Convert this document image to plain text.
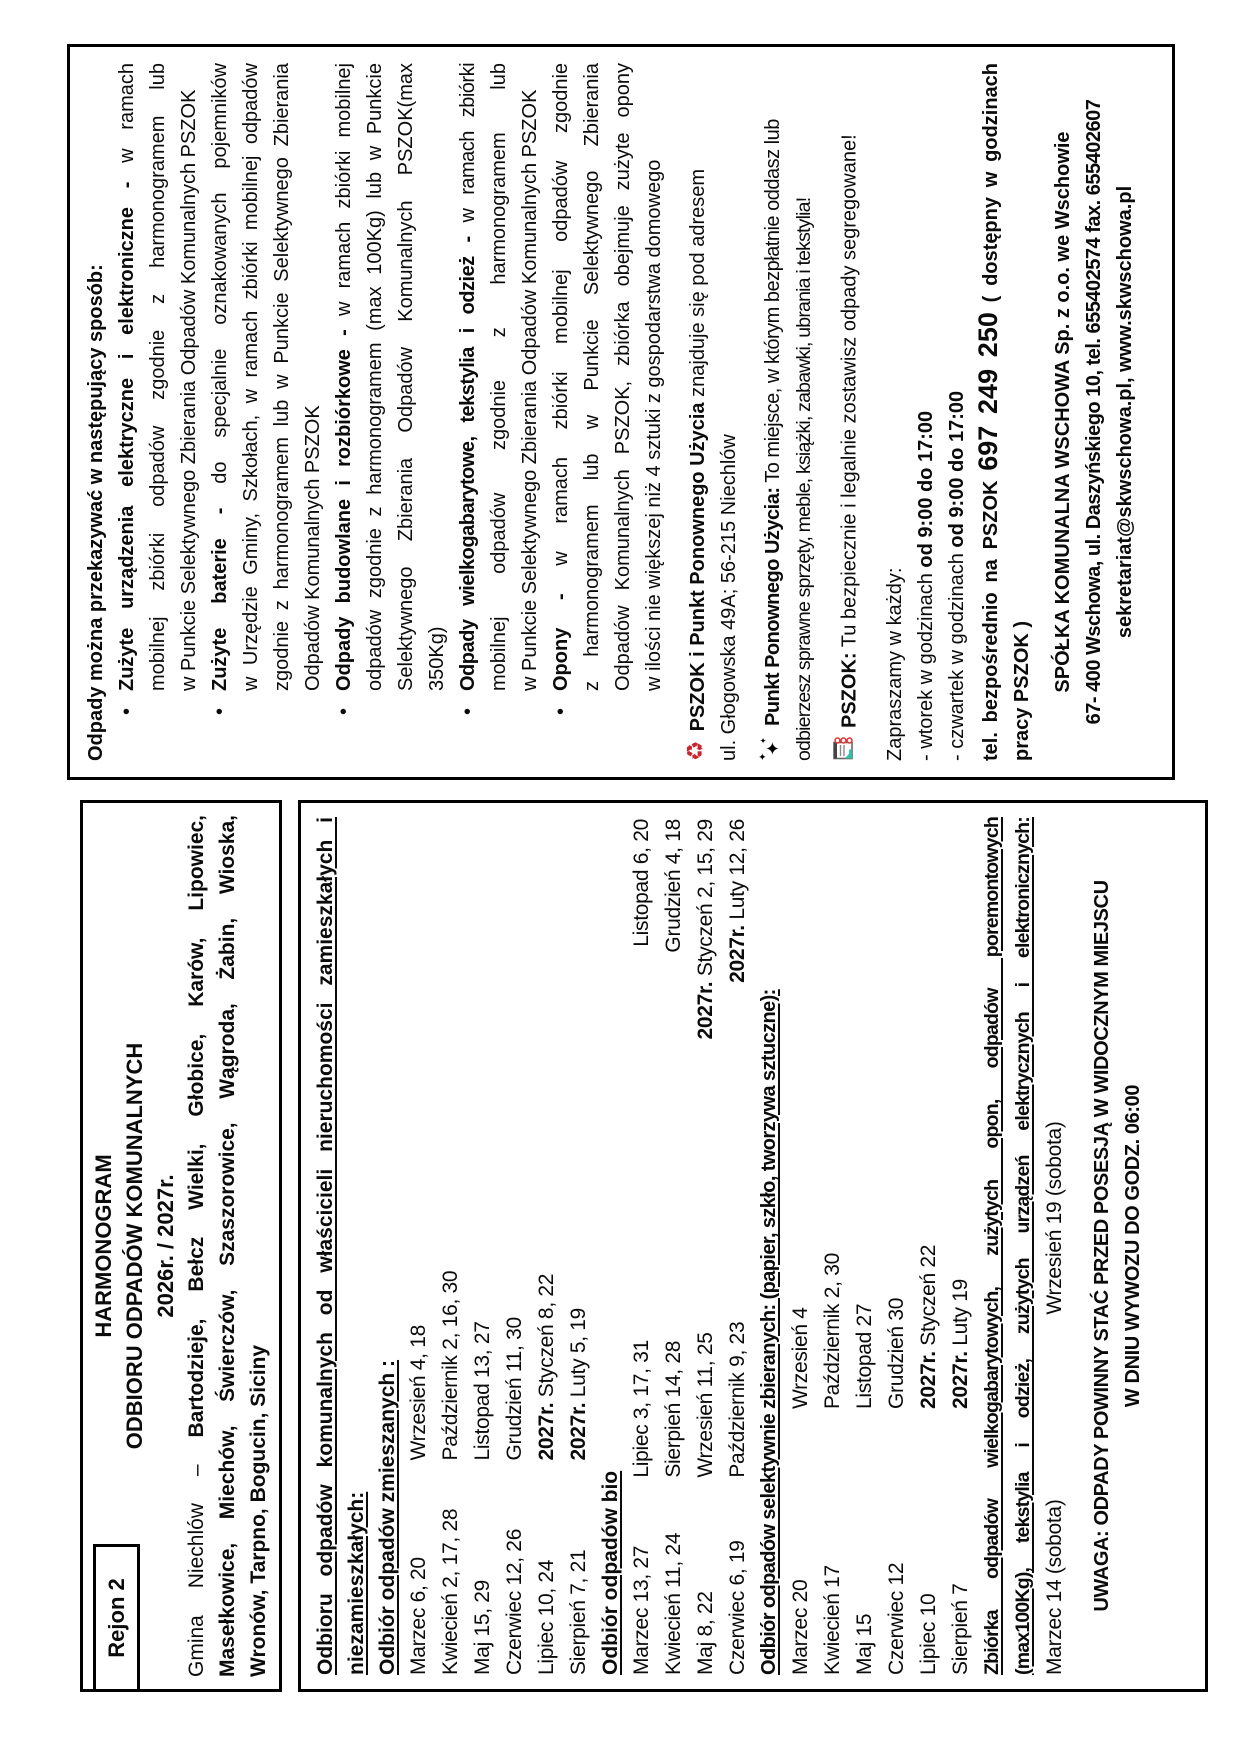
Rejon 2
HARMONOGRAM ODBIORU ODPADÓW KOMUNALNYCH 2026r. / 2027r.
Gmina Niechlów – Bartodzieje, Bełcz Wielki, Głobice, Karów, Lipowiec, Masełkowice, Miechów, Świerczów, Szaszorowice, Wągroda, Żabin, Wioska, Wronów, Tarpno, Bogucin, Siciny Odbioru odpadów komunalnych od właścicieli nieruchomości zamieszkałych i niezamieszkałych: Odbiór odpadów zmieszanych : Marzec 6, 20
Wrzesień 4, 18
Kwiecień 2, 17, 28
Październik 2, 16, 30
Maj 15, 29
Listopad 13, 27
Czerwiec 12, 26
Grudzień 11, 30
Lipiec 10, 24
2027r. Styczeń 8, 22
Sierpień 7, 21
2027r. Luty 5, 19
Odbiór odpadów bio Marzec 13, 27
Lipiec 3, 17, 31
Listopad 6, 20
Kwiecień 11, 24
Sierpień 14, 28
Grudzień 4, 18
Maj 8, 22
Wrzesień 11, 25
2027r. Styczeń 2, 15, 29
Czerwiec 6, 19
Październik 9, 23
2027r. Luty 12, 26
Odbiór odpadów selektywnie zbieranych: (papier, szkło, tworzywa sztuczne): Marzec 20
Wrzesień 4
Kwiecień 17
Październik 2, 30
Maj 15
Listopad 27
Czerwiec 12
Grudzień 30
Lipiec 10
2027r. Styczeń 22
Sierpień 7
2027r. Luty 19 Zbiórka odpadów wielkogabarytowych, zużytych opon, odpadów poremontowych (max100Kg), tekstylia i odzież, zużytych urządzeń elektrycznych i elektronicznych: Marzec 14 (sobota)
Wrzesień 19 (sobota) UWAGA: ODPADY POWINNY STAĆ PRZED POSESJĄ W WIDOCZNYM MIEJSCU W DNIU WYWOZU DO GODZ. 06:00
Odpady można przekazywać w następujący sposób: •
Zużyte urządzenia elektryczne i elektroniczne - w ramach mobilnej zbiórki odpadów zgodnie z harmonogramem lub w Punkcie Selektywnego Zbierania Odpadów Komunalnych PSZOK
•
Zużyte baterie - do specjalnie oznakowanych pojemników w Urzędzie Gminy, Szkołach, w ramach zbiórki mobilnej odpadów zgodnie z harmonogramem lub w Punkcie Selektywnego Zbierania Odpadów Komunalnych PSZOK
•
Odpady budowlane i rozbiórkowe - w ramach zbiórki mobilnej odpadów zgodnie z harmonogramem (max 100Kg) lub w Punkcie Selektywnego Zbierania Odpadów Komunalnych PSZOK(max 350Kg)
•
Odpady wielkogabarytowe, tekstylia i odzież - w ramach zbiórki mobilnej odpadów zgodnie z harmonogramem lub w Punkcie Selektywnego Zbierania Odpadów Komunalnych PSZOK
•
Opony - w ramach zbiórki mobilnej odpadów zgodnie z harmonogramem lub w Punkcie Selektywnego Zbierania Odpadów Komunalnych PSZOK, zbiórka obejmuje zużyte opony w ilości nie większej niż 4 sztuki z gospodarstwa domowego
♻PSZOK i Punkt Ponownego Użycia znajduje się pod adresem
ul. Głogowska 49A; 56-215 Niechlów ✦
✦
✦
Punkt Ponownego Użycia: To miejsce, w którym bezpłatnie oddasz lub odbierzesz sprawne sprzęty, meble, książki, zabawki, ubrania i tekstylia! PSZOK: Tu bezpiecznie i legalnie zostawisz odpady segregowane!
Zapraszamy w każdy: - wtorek w godzinach od 9:00 do 17:00
- czwartek w godzinach od 9:00 do 17:00
tel. bezpośrednio na PSZOK 697 249 250 ( dostępny w godzinach
pracy PSZOK ) SPÓŁKA KOMUNALNA WSCHOWA Sp. z o.o. we Wschowie 67- 400 Wschowa, ul. Daszyńskiego 10, tel. 655402574 fax. 655402607 sekretariat@skwschowa.pl, www.skwschowa.pl
